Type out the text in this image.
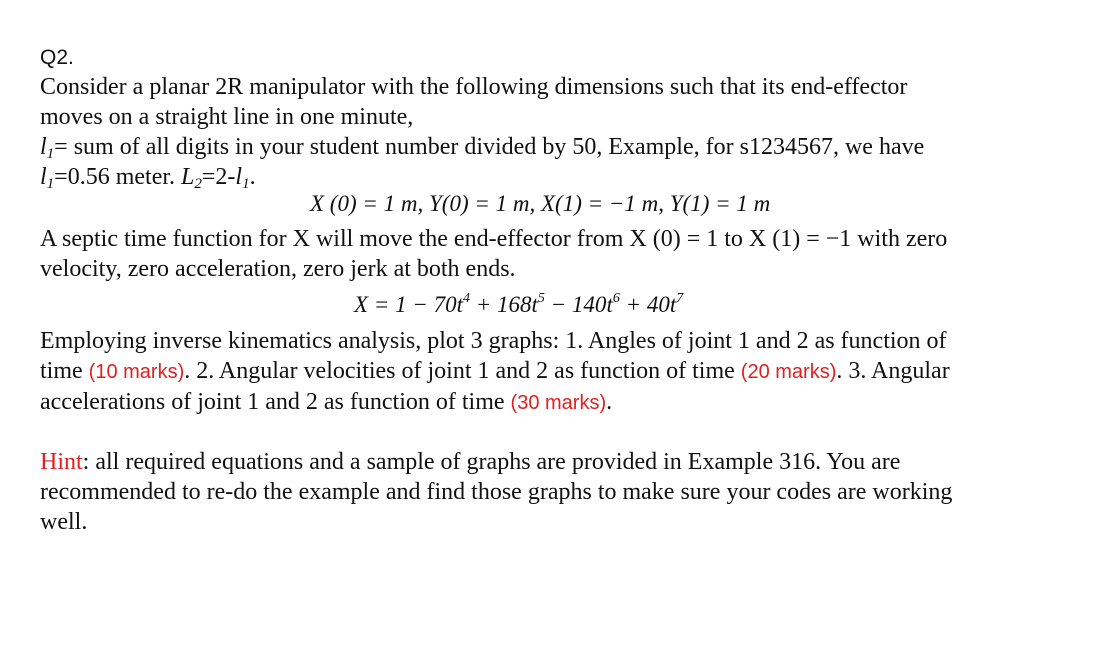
Q2.
Consider a planar 2R manipulator with the following dimensions such that its end-effector
moves on a straight line in one minute,
$l_1=$ sum of all digits in your student number divided by 50, Example, for s1234567, we have
$l_1=0.56$ meter. $L_2=2-l_1$.
X (0) = 1 m, Y(0) = 1 m, X(1) = −1 m, Y(1) = 1 m
A septic time function for X will move the end-effector from X (0) = 1 to X (1) = −1 with zero
velocity, zero acceleration, zero jerk at both ends.
$X = 1 - 70t^4 + 168t^5 - 140t^6 + 40t^7$
Employing inverse kinematics analysis, plot 3 graphs: 1. Angles of joint 1 and 2 as function of
time (10 marks). 2. Angular velocities of joint 1 and 2 as function of time (20 marks). 3. Angular
accelerations of joint 1 and 2 as function of time (30 marks).
Hint: all required equations and a sample of graphs are provided in Example 316. You are
recommended to re-do the example and find those graphs to make sure your codes are working
well.
